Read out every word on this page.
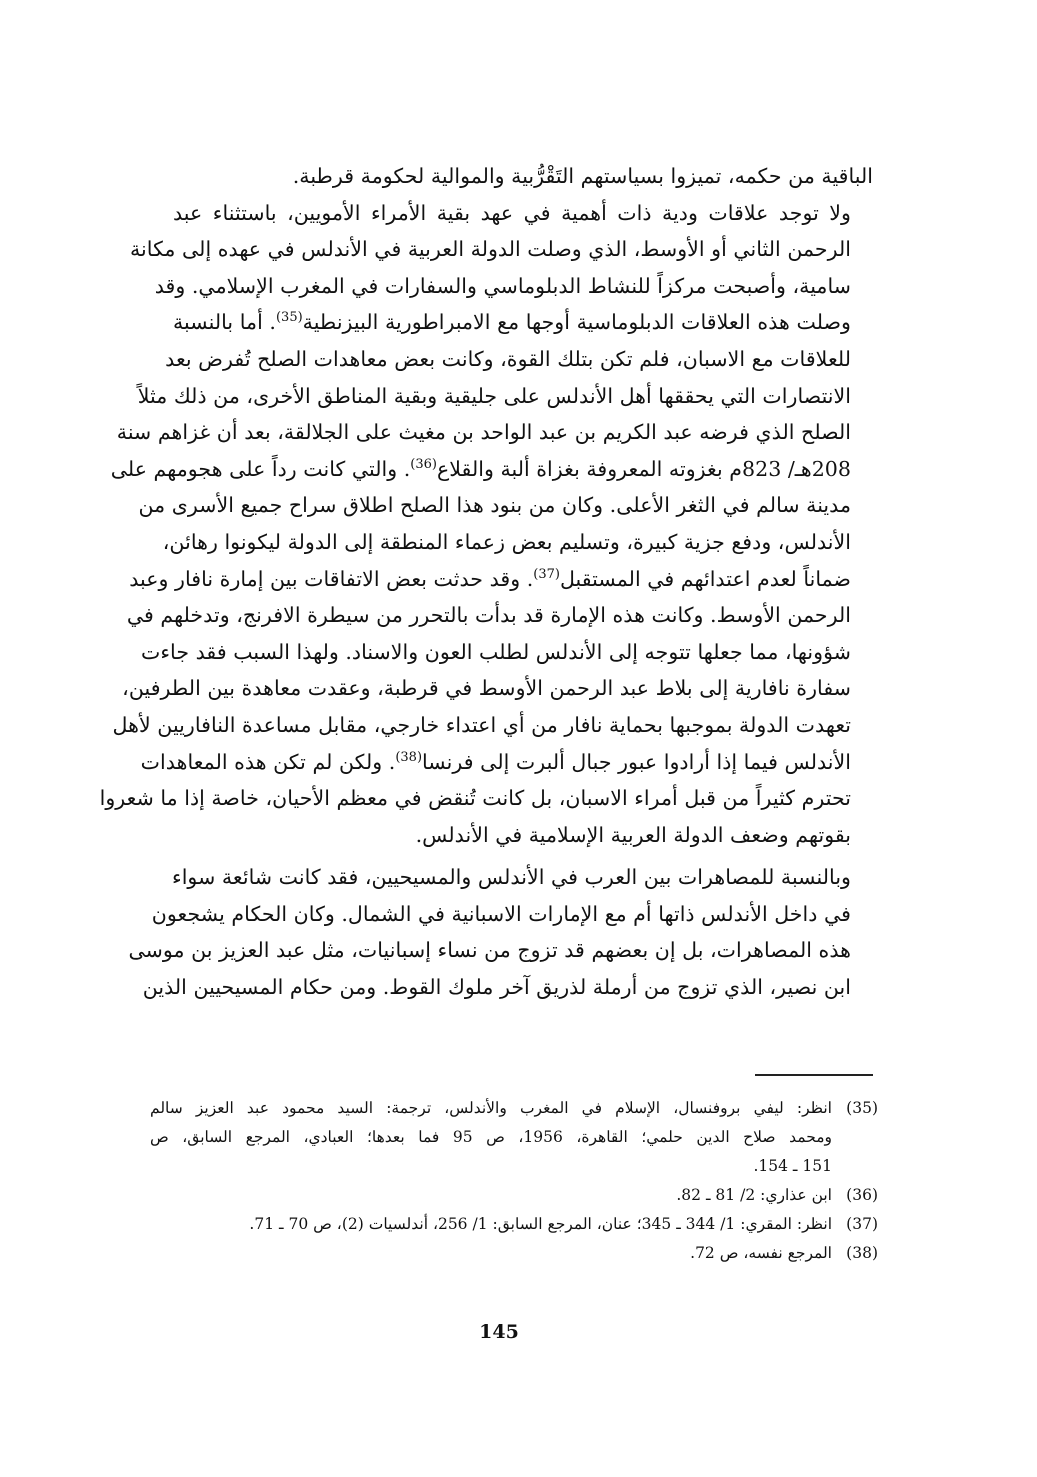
الباقية من حكمه، تميزوا بسياستهم التَقْرُّبية والموالية لحكومة قرطبة.

ولا توجد علاقات ودية ذات أهمية في عهد بقية الأمراء الأمويين، باستثناء عبد
الرحمن الثاني أو الأوسط، الذي وصلت الدولة العربية في الأندلس في عهده إلى مكانة
سامية، وأصبحت مركزاً للنشاط الدبلوماسي والسفارات في المغرب الإسلامي. وقد
وصلت هذه العلاقات الدبلوماسية أوجها مع الامبراطورية البيزنطية$^{(35)}$. أما بالنسبة
للعلاقات مع الاسبان، فلم تكن بتلك القوة، وكانت بعض معاهدات الصلح تُفرض بعد
الانتصارات التي يحققها أهل الأندلس على جليقية وبقية المناطق الأخرى، من ذلك مثلاً
الصلح الذي فرضه عبد الكريم بن عبد الواحد بن مغيث على الجلالقة، بعد أن غزاهم سنة
208هـ/ 823م بغزوته المعروفة بغزاة ألبة والقلاع$^{(36)}$. والتي كانت رداً على هجومهم على
مدينة سالم في الثغر الأعلى. وكان من بنود هذا الصلح اطلاق سراح جميع الأسرى من
الأندلس، ودفع جزية كبيرة، وتسليم بعض زعماء المنطقة إلى الدولة ليكونوا رهائن،
ضماناً لعدم اعتدائهم في المستقبل$^{(37)}$. وقد حدثت بعض الاتفاقات بين إمارة نافار وعبد
الرحمن الأوسط. وكانت هذه الإمارة قد بدأت بالتحرر من سيطرة الافرنج، وتدخلهم في
شؤونها، مما جعلها تتوجه إلى الأندلس لطلب العون والاسناد. ولهذا السبب فقد جاءت
سفارة نافارية إلى بلاط عبد الرحمن الأوسط في قرطبة، وعقدت معاهدة بين الطرفين،
تعهدت الدولة بموجبها بحماية نافار من أي اعتداء خارجي، مقابل مساعدة النافاريين لأهل
الأندلس فيما إذا أرادوا عبور جبال ألبرت إلى فرنسا$^{(38)}$. ولكن لم تكن هذه المعاهدات
تحترم كثيراً من قبل أمراء الاسبان، بل كانت تُنقض في معظم الأحيان، خاصة إذا ما شعروا
بقوتهم وضعف الدولة العربية الإسلامية في الأندلس.

وبالنسبة للمصاهرات بين العرب في الأندلس والمسيحيين، فقد كانت شائعة سواء
في داخل الأندلس ذاتها أم مع الإمارات الاسبانية في الشمال. وكان الحكام يشجعون
هذه المصاهرات، بل إن بعضهم قد تزوج من نساء إسبانيات، مثل عبد العزيز بن موسى
ابن نصير، الذي تزوج من أرملة لذريق آخر ملوك القوط. ومن حكام المسيحيين الذين

(35)
انظر: ليفي بروفنسال، الإسلام في المغرب والأندلس، ترجمة: السيد محمود عبد العزيز سالم
ومحمد صلاح الدين حلمي؛ القاهرة، 1956، ص 95 فما بعدها؛ العبادي، المرجع السابق، ص
151 ـ 154.
(36)
ابن عذاري: 2/ 81 ـ 82.
(37)
انظر: المقري: 1/ 344 ـ 345؛ عنان، المرجع السابق: 1/ 256، أندلسيات (2)، ص 70 ـ 71.
(38)
المرجع نفسه، ص 72.
145
